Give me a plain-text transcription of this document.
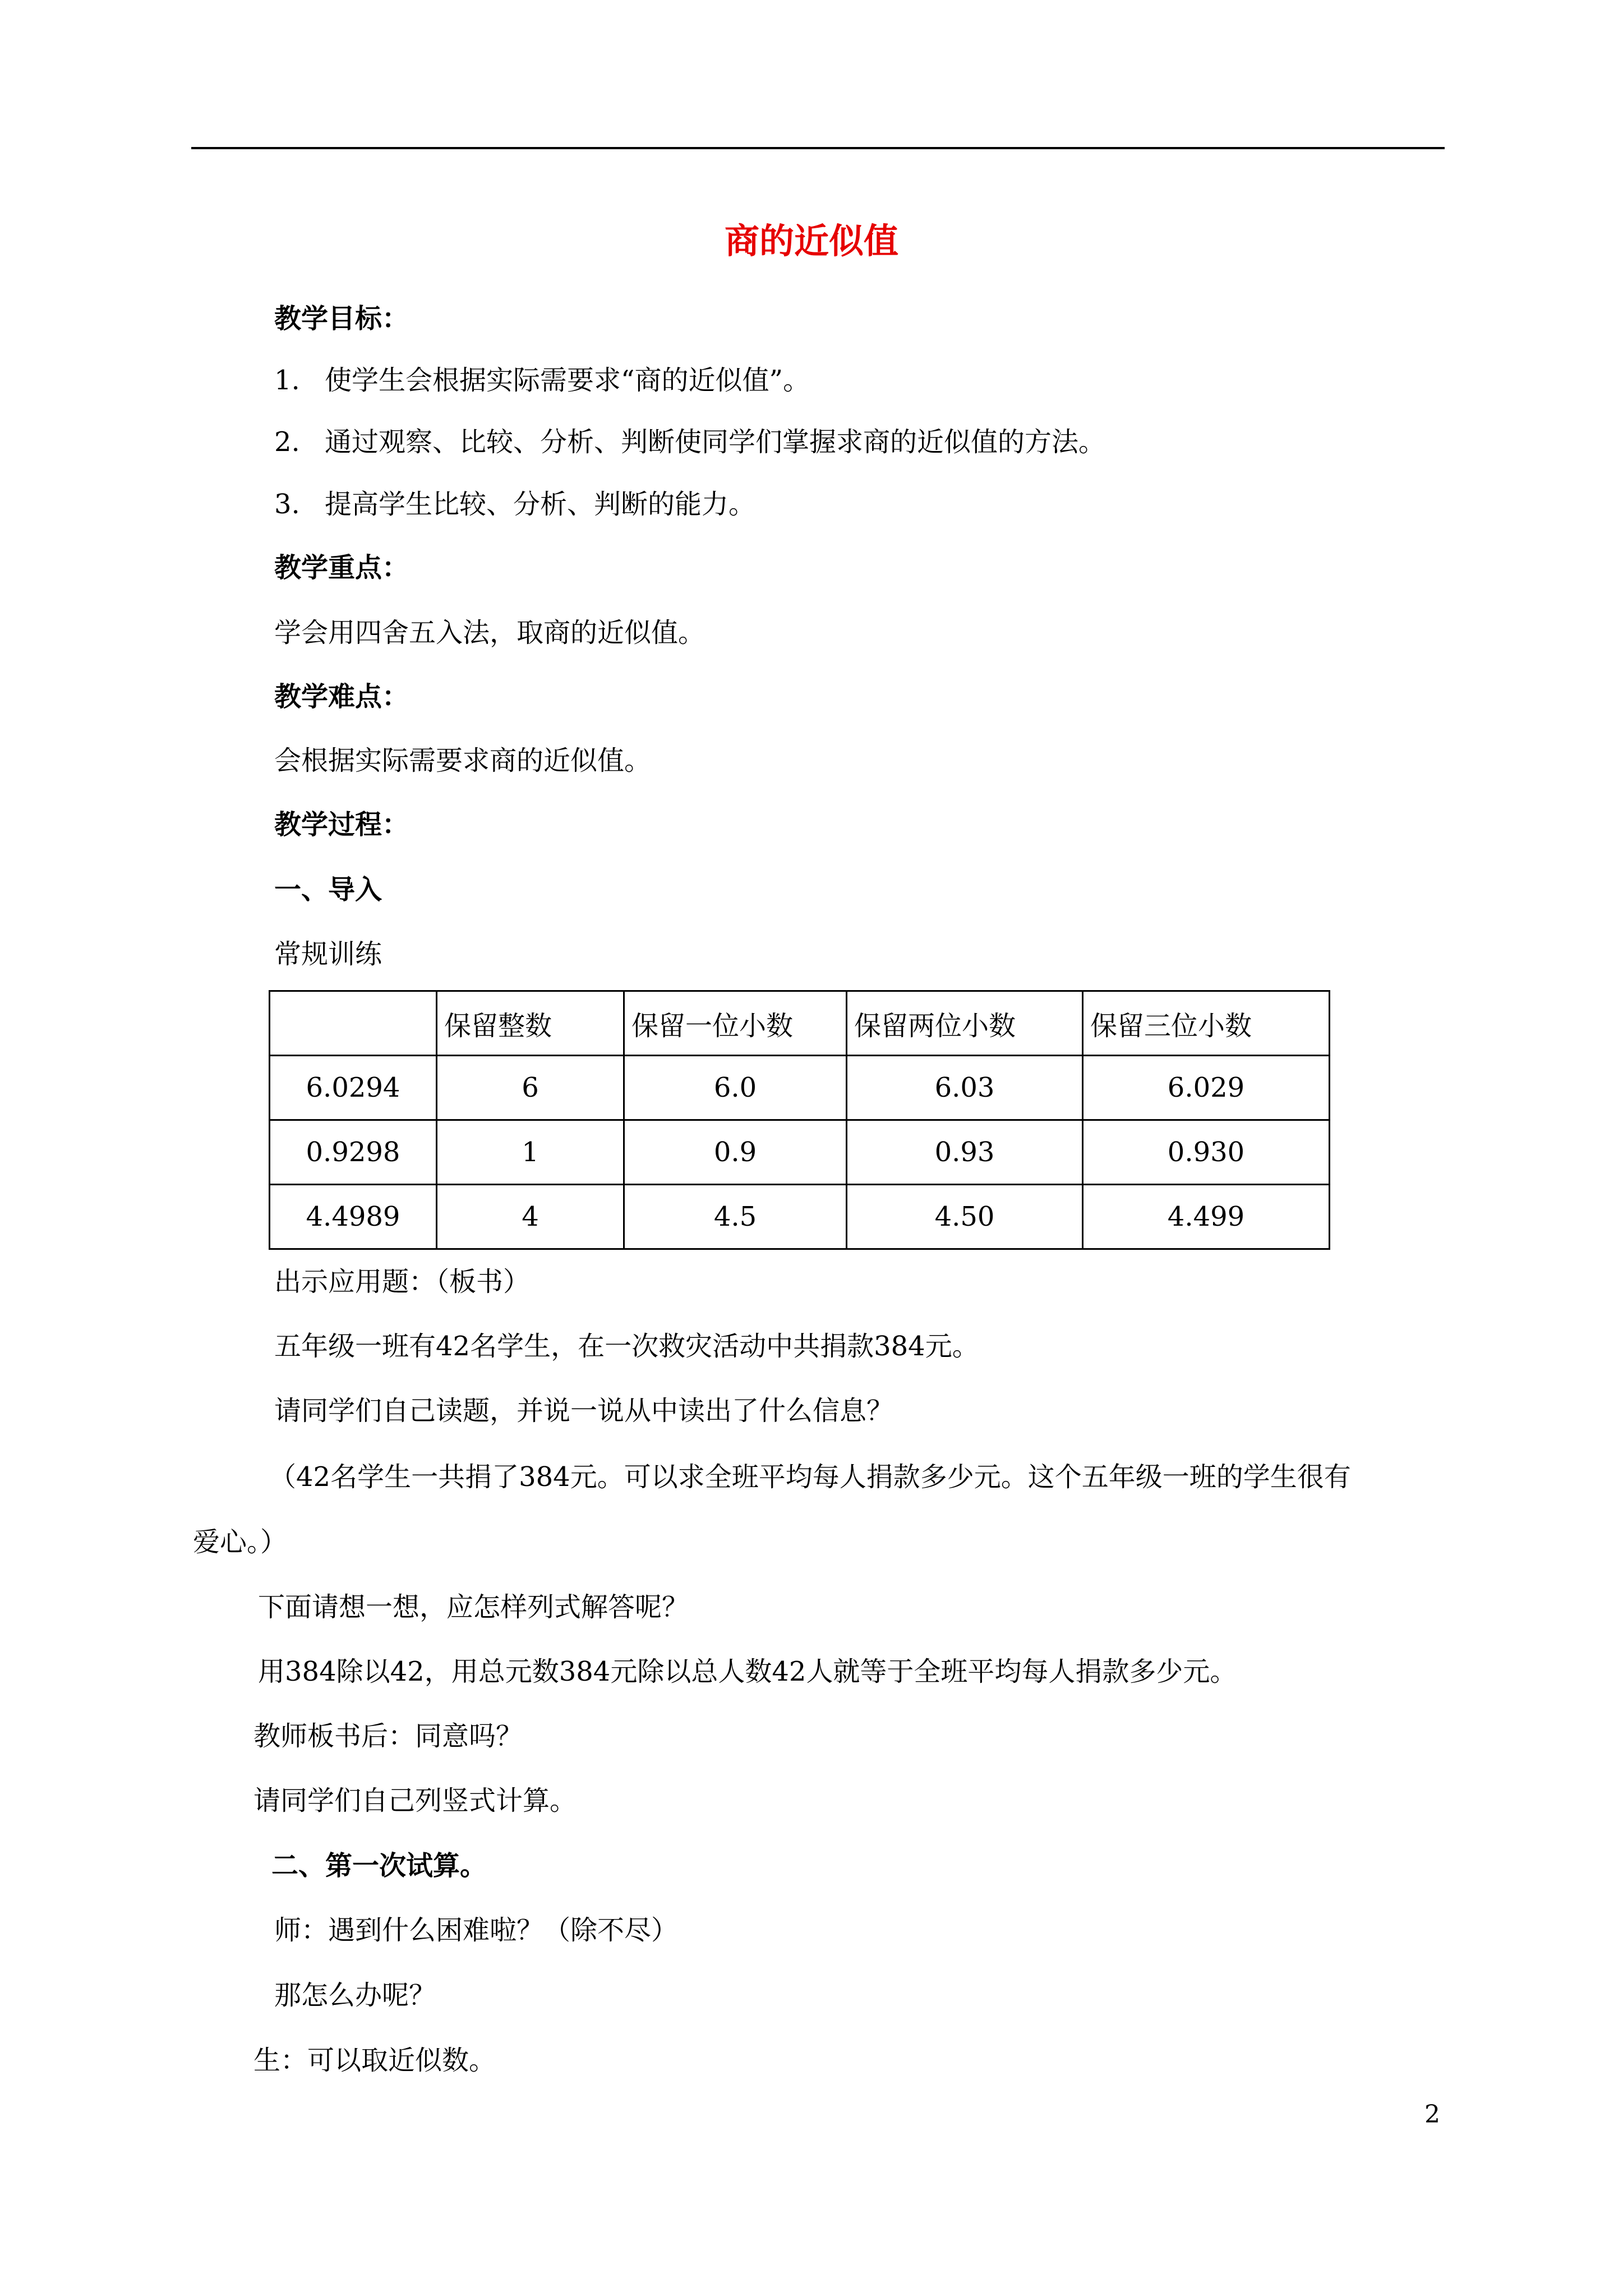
商的近似值
教学目标：
1. 使学生会根据实际需要求“商的近似值”。
2. 通过观察、比较、分析、判断使同学们掌握求商的近似值的方法。
3. 提高学生比较、分析、判断的能力。
教学重点：
学会用四舍五入法，取商的近似值。
教学难点：
会根据实际需要求商的近似值。
教学过程：
一、导入
常规训练
	保留整数	保留一位小数	保留两位小数	保留三位小数
6.0294	6	6.0	6.03	6.029
0.9298	1	0.9	0.93	0.930
4.4989	4	4.5	4.50	4.499
出示应用题：（板书）
五年级一班有42名学生，在一次救灾活动中共捐款384元。
请同学们自己读题，并说一说从中读出了什么信息？
（42名学生一共捐了384元。可以求全班平均每人捐款多少元。这个五年级一班的学生很有
爱心。）
下面请想一想，应怎样列式解答呢？
用384除以42，用总元数384元除以总人数42人就等于全班平均每人捐款多少元。
教师板书后：同意吗？
请同学们自己列竖式计算。
二、第一次试算。
师：遇到什么困难啦？（除不尽）
那怎么办呢？
生：可以取近似数。
2
